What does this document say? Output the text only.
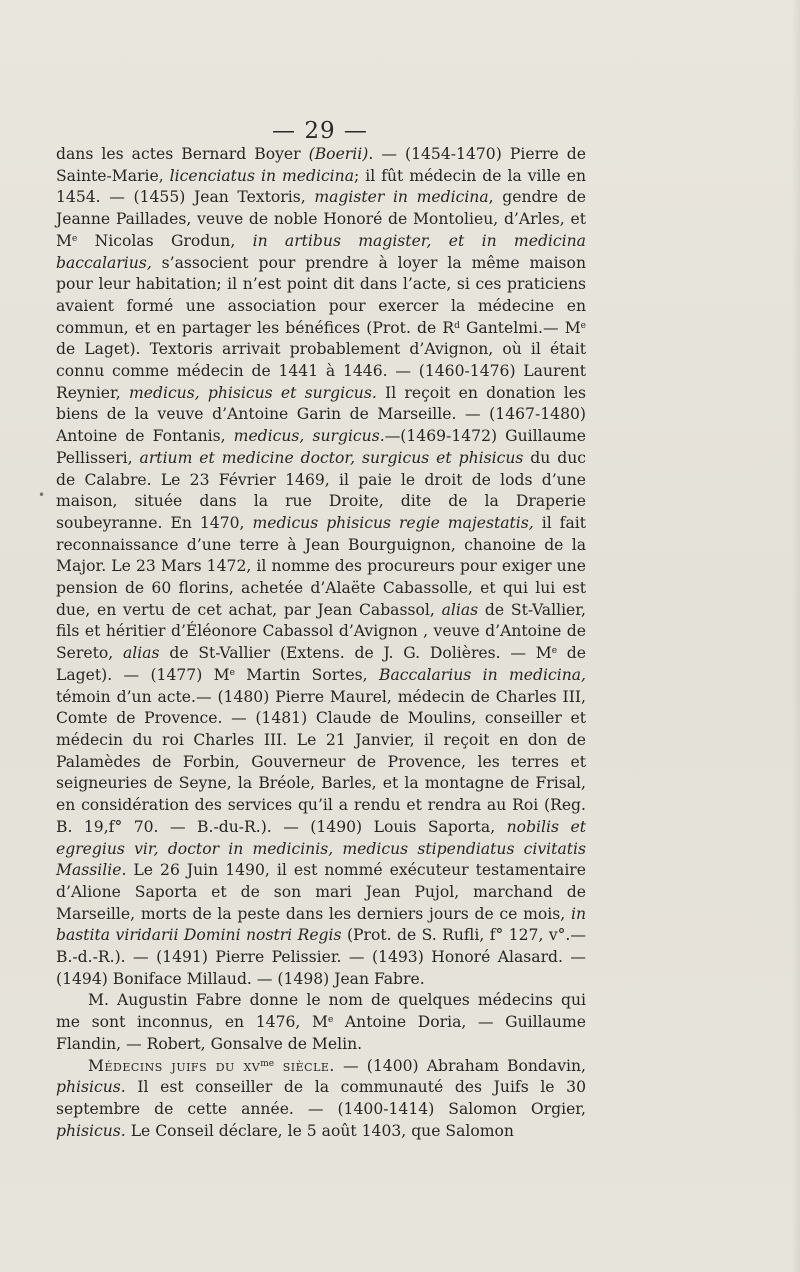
— 29 —

dans les actes Bernard Boyer (Boerii). — (1454-1470) Pierre de Sainte-Marie, licenciatus in medicina; il fût médecin de la ville en 1454. — (1455) Jean Textoris, magister in medicina, gendre de Jeanne Paillades, veuve de noble Honoré de Montolieu, d’Arles, et Me Nicolas Grodun, in artibus magister, et in medicina baccalarius, s’associent pour prendre à loyer la même maison pour leur habitation; il n’est point dit dans l’acte, si ces praticiens avaient formé une association pour exercer la médecine en commun, et en partager les bénéfices (Prot. de $R^d$ Gantelmi.— Me de Laget). Textoris arrivait probablement d’Avignon, où il était connu comme médecin de 1441 à 1446. — (1460-1476) Laurent Reynier, medicus, phisicus et surgicus. Il reçoit en donation les biens de la veuve d’Antoine Garin de Marseille. — (1467-1480) Antoine de Fontanis, medicus, surgicus.—(1469-1472) Guillaume Pellisseri, artium et medicine doctor, surgicus et phisicus du duc de Calabre. Le 23 Février 1469, il paie le droit de lods d’une maison, située dans la rue Droite, dite de la Draperie soubeyranne. En 1470, medicus phisicus regie majestatis, il fait reconnaissance d’une terre à Jean Bourguignon, chanoine de la Major. Le 23 Mars 1472, il nomme des procureurs pour exiger une pension de 60 florins, achetée d’Alaëte Cabassolle, et qui lui est due, en vertu de cet achat, par Jean Cabassol, alias de St-Vallier, fils et héritier d’Éléonore Cabassol d’Avignon , veuve d’Antoine de Sereto, alias de St-Vallier (Extens. de J. G. Dolières. — Me de Laget). — (1477) Me Martin Sortes, Baccalarius in medicina, témoin d’un acte.— (1480) Pierre Maurel, médecin de Charles III, Comte de Provence. — (1481) Claude de Moulins, conseiller et médecin du roi Charles III. Le 21 Janvier, il reçoit en don de Palamèdes de Forbin, Gouverneur de Provence, les terres et seigneuries de Seyne, la Bréole, Barles, et la montagne de Frisal, en considération des services qu’il a rendu et rendra au Roi (Reg. B. 19,f° 70. — B.-du-R.). — (1490) Louis Saporta, nobilis et egregius vir, doctor in medicinis, medicus stipendiatus civitatis Massilie. Le 26 Juin 1490, il est nommé exécuteur testamentaire d’Alione Saporta et de son mari Jean Pujol, marchand de Marseille, morts de la peste dans les derniers jours de ce mois, in bastita viridarii Domini nostri Regis (Prot. de S. Rufli, f° 127, v°.—B.-d.-R.). — (1491) Pierre Pelissier. — (1493) Honoré Alasard. — (1494) Boniface Millaud. — (1498) Jean Fabre.

M. Augustin Fabre donne le nom de quelques médecins qui me sont inconnus, en 1476, Me Antoine Doria, — Guillaume Flandin, — Robert, Gonsalve de Melin.

Médecins juifs du $xv^{me}$ siècle. — (1400) Abraham Bondavin, phisicus. Il est conseiller de la communauté des Juifs le 30 septembre de cette année. — (1400-1414) Salomon Orgier, phisicus. Le Conseil déclare, le 5 août 1403, que Salomon

•
